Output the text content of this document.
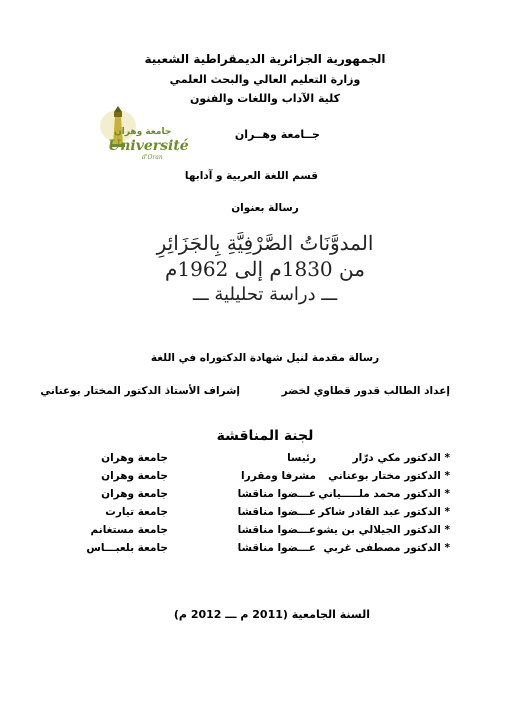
الجمهورية الجزائرية الديمقراطية الشعبية
وزارة التعليم العالي والبحث العلمي
كلية الآداب واللغات والفنون
جامعة وهران
Université
d'Oran
جــامعة وهــران
قسم اللغة العربية و آدابها
رسالة بعنوان
المدوَّنَاتُ الصَّرْفِيَّةِ بِالجَزَائِرِ
من 1830م إلى 1962م
ـــ دراسة تحليلية ـــ
رسالة مقدمة لنيل شهادة الدكتوراه في اللغة
إعداد الطالب قدور قطاوي لخضر
إشراف الأستاذ الدكتور المختار بوعناني
لجنة المناقشة
* الدكتور مكي درّار
رئيسا
جامعة وهران
* الدكتور مختار بوعناني
مشرفا ومقررا
جامعة وهران
* الدكتور محمد ملـــــياني
عـــضوا مناقشا
جامعة وهران
* الدكتور عبد القادر شاكر
عـــضوا مناقشا
جامعة تيارت
* الدكتور الجيلالي بن يشو
عـــضوا مناقشا
جامعة مستغانم
* الدكتور مصطفى غربي
عـــضوا مناقشا
جامعة بلعبـــاس
السنة الجامعية (2011 م ـــ 2012 م)
